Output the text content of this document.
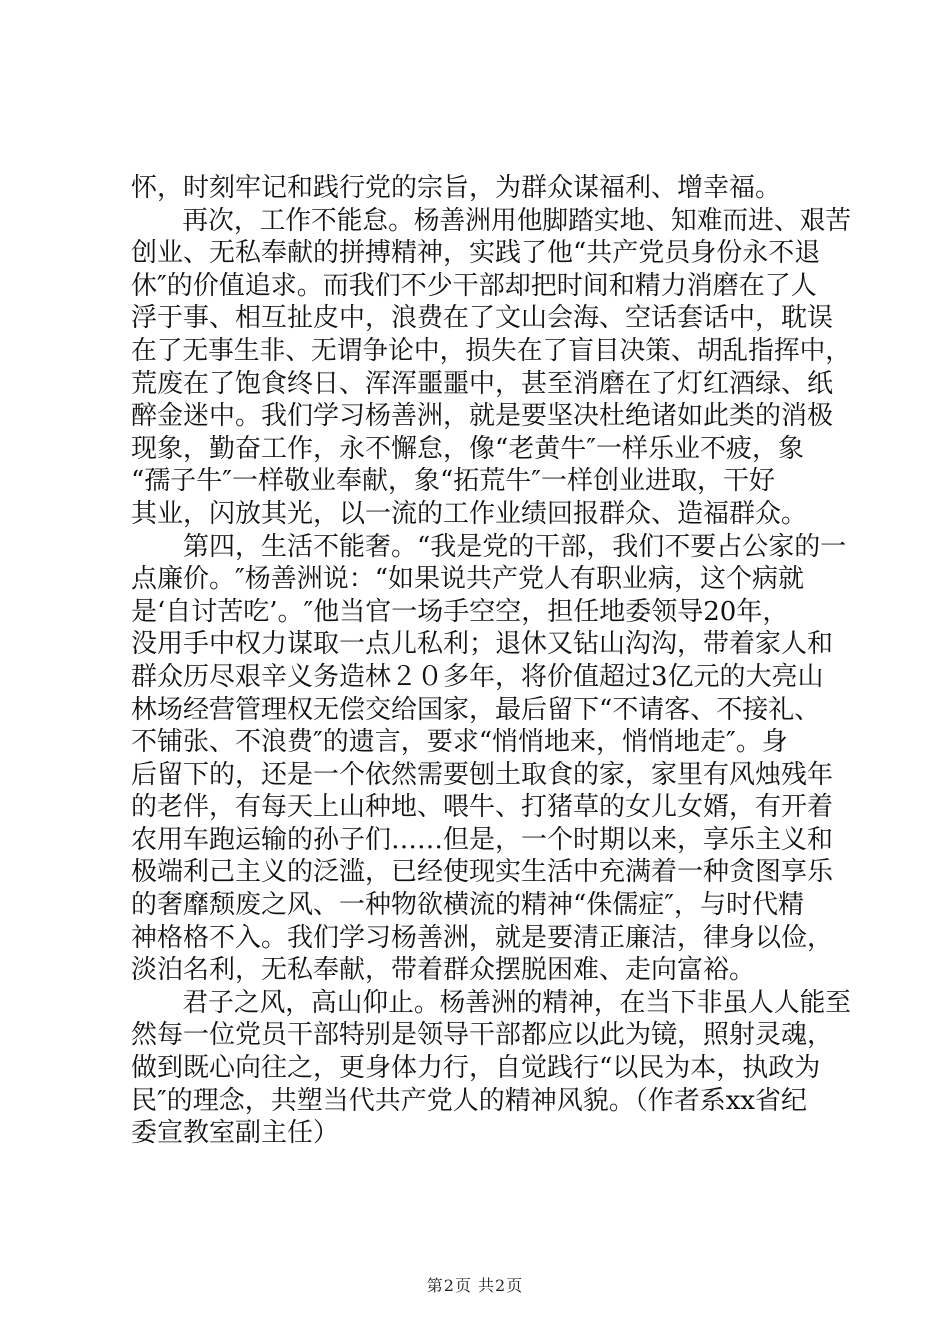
怀，时刻牢记和践行党的宗旨，为群众谋福利、增幸福。
　　再次，工作不能怠。杨善洲用他脚踏实地、知难而进、艰苦
创业、无私奉献的拼搏精神，实践了他“共产党员身份永不退
休″的价值追求。而我们不少干部却把时间和精力消磨在了人
浮于事、相互扯皮中，浪费在了文山会海、空话套话中，耽误
在了无事生非、无谓争论中，损失在了盲目决策、胡乱指挥中，
荒废在了饱食终日、浑浑噩噩中，甚至消磨在了灯红酒绿、纸
醉金迷中。我们学习杨善洲，就是要坚决杜绝诸如此类的消极
现象，勤奋工作，永不懈怠，像“老黄牛″一样乐业不疲，象
“孺子牛″一样敬业奉献，象“拓荒牛″一样创业进取，干好
其业，闪放其光，以一流的工作业绩回报群众、造福群众。
　　第四，生活不能奢。“我是党的干部，我们不要占公家的一
点廉价。″杨善洲说：“如果说共产党人有职业病，这个病就
是‘自讨苦吃’。″他当官一场手空空，担任地委领导20年，
没用手中权力谋取一点儿私利；退休又钻山沟沟，带着家人和
群众历尽艰辛义务造林２０多年，将价值超过3亿元的大亮山
林场经营管理权无偿交给国家，最后留下“不请客、不接礼、
不铺张、不浪费″的遗言，要求“悄悄地来，悄悄地走″。身
后留下的，还是一个依然需要刨土取食的家，家里有风烛残年
的老伴，有每天上山种地、喂牛、打猪草的女儿女婿，有开着
农用车跑运输的孙子们……但是，一个时期以来，享乐主义和
极端利己主义的泛滥，已经使现实生活中充满着一种贪图享乐
的奢靡颓废之风、一种物欲横流的精神“侏儒症″，与时代精
神格格不入。我们学习杨善洲，就是要清正廉洁，律身以俭，
淡泊名利，无私奉献，带着群众摆脱困难、走向富裕。
　　君子之风，高山仰止。杨善洲的精神，在当下非虽人人能至
然每一位党员干部特别是领导干部都应以此为镜，照射灵魂，
做到既心向往之，更身体力行，自觉践行“以民为本，执政为
民″的理念，共塑当代共产党人的精神风貌。（作者系xx省纪
委宣教室副主任）
第2页 共2页
